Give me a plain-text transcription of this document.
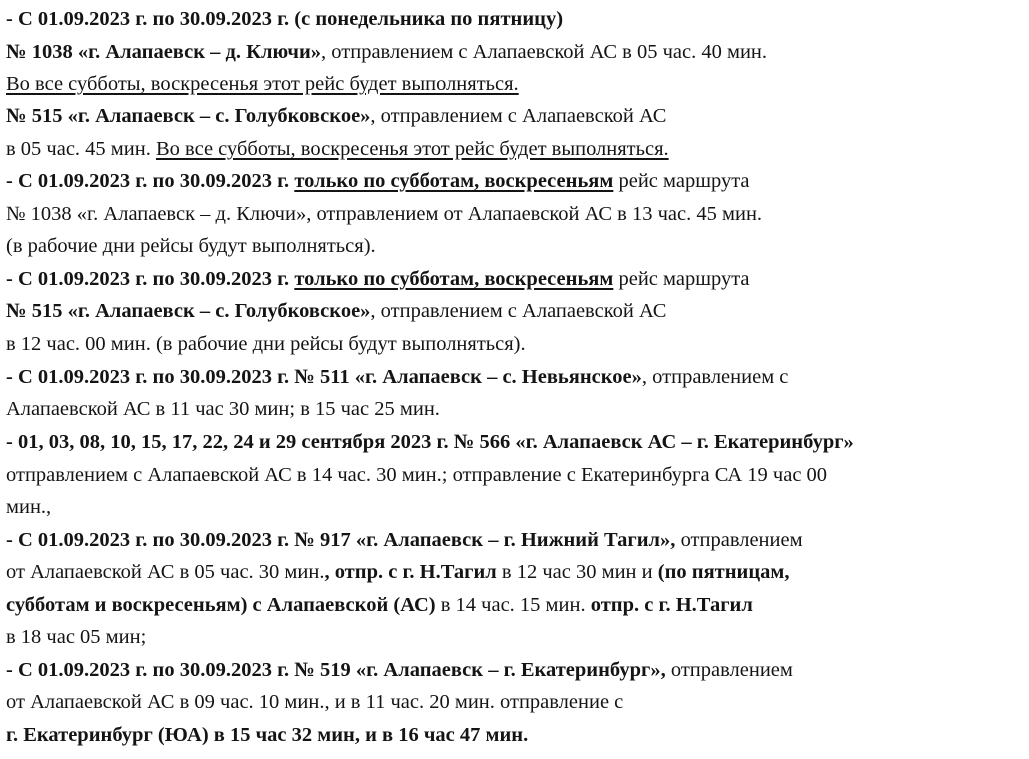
- С 01.09.2023 г. по 30.09.2023 г. (с понедельника по пятницу)
№ 1038 «г. Алапаевск – д. Ключи», отправлением с Алапаевской АС в 05 час. 40 мин.
Во все субботы, воскресенья этот рейс будет выполняться.
№ 515 «г. Алапаевск – с. Голубковское», отправлением с Алапаевской АС
в 05 час. 45 мин. Во все субботы, воскресенья этот рейс будет выполняться.
- С 01.09.2023 г. по 30.09.2023 г. только по субботам, воскресеньям рейс маршрута
№ 1038 «г. Алапаевск – д. Ключи», отправлением от Алапаевской АС в 13 час. 45 мин.
(в рабочие дни рейсы будут выполняться).
- С 01.09.2023 г. по 30.09.2023 г. только по субботам, воскресеньям рейс маршрута
№ 515 «г. Алапаевск – с. Голубковское», отправлением с Алапаевской АС
в 12 час. 00 мин. (в рабочие дни рейсы будут выполняться).
- С 01.09.2023 г. по 30.09.2023 г. № 511 «г. Алапаевск – с. Невьянское», отправлением с
Алапаевской АС в 11 час 30 мин; в 15 час 25 мин.
- 01, 03, 08, 10, 15, 17, 22, 24 и 29 сентября 2023 г. № 566 «г. Алапаевск АС – г. Екатеринбург»
отправлением с Алапаевской АС в 14 час. 30 мин.; отправление с Екатеринбурга СА 19 час 00
мин.,
- С 01.09.2023 г. по 30.09.2023 г. № 917 «г. Алапаевск – г. Нижний Тагил», отправлением
от Алапаевской АС в 05 час. 30 мин., отпр. с г. Н.Тагил в 12 час 30 мин и (по пятницам,
субботам и воскресеньям) с Алапаевской (АС) в 14 час. 15 мин. отпр. с г. Н.Тагил
в 18 час 05 мин;
- С 01.09.2023 г. по 30.09.2023 г. № 519 «г. Алапаевск – г. Екатеринбург», отправлением
от Алапаевской АС в 09 час. 10 мин., и в 11 час. 20 мин. отправление с
г. Екатеринбург (ЮА) в 15 час 32 мин, и в 16 час 47 мин.
